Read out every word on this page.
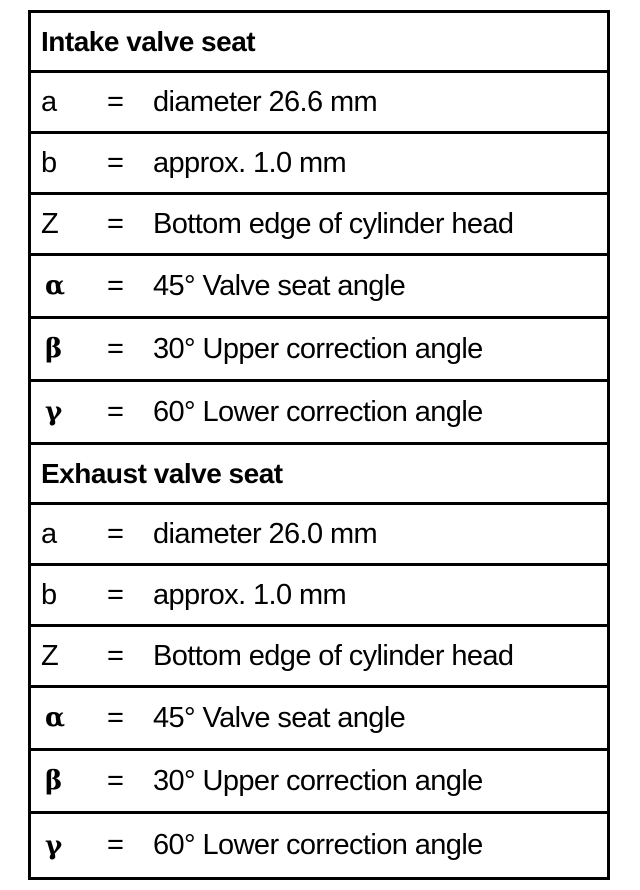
Intake valve seat
a = diameter 26.6 mm
b = approx. 1.0 mm
Z = Bottom edge of cylinder head
α = 45° Valve seat angle
β = 30° Upper correction angle
γ = 60° Lower correction angle
Exhaust valve seat
a = diameter 26.0 mm
b = approx. 1.0 mm
Z = Bottom edge of cylinder head
α = 45° Valve seat angle
β = 30° Upper correction angle
γ = 60° Lower correction angle
